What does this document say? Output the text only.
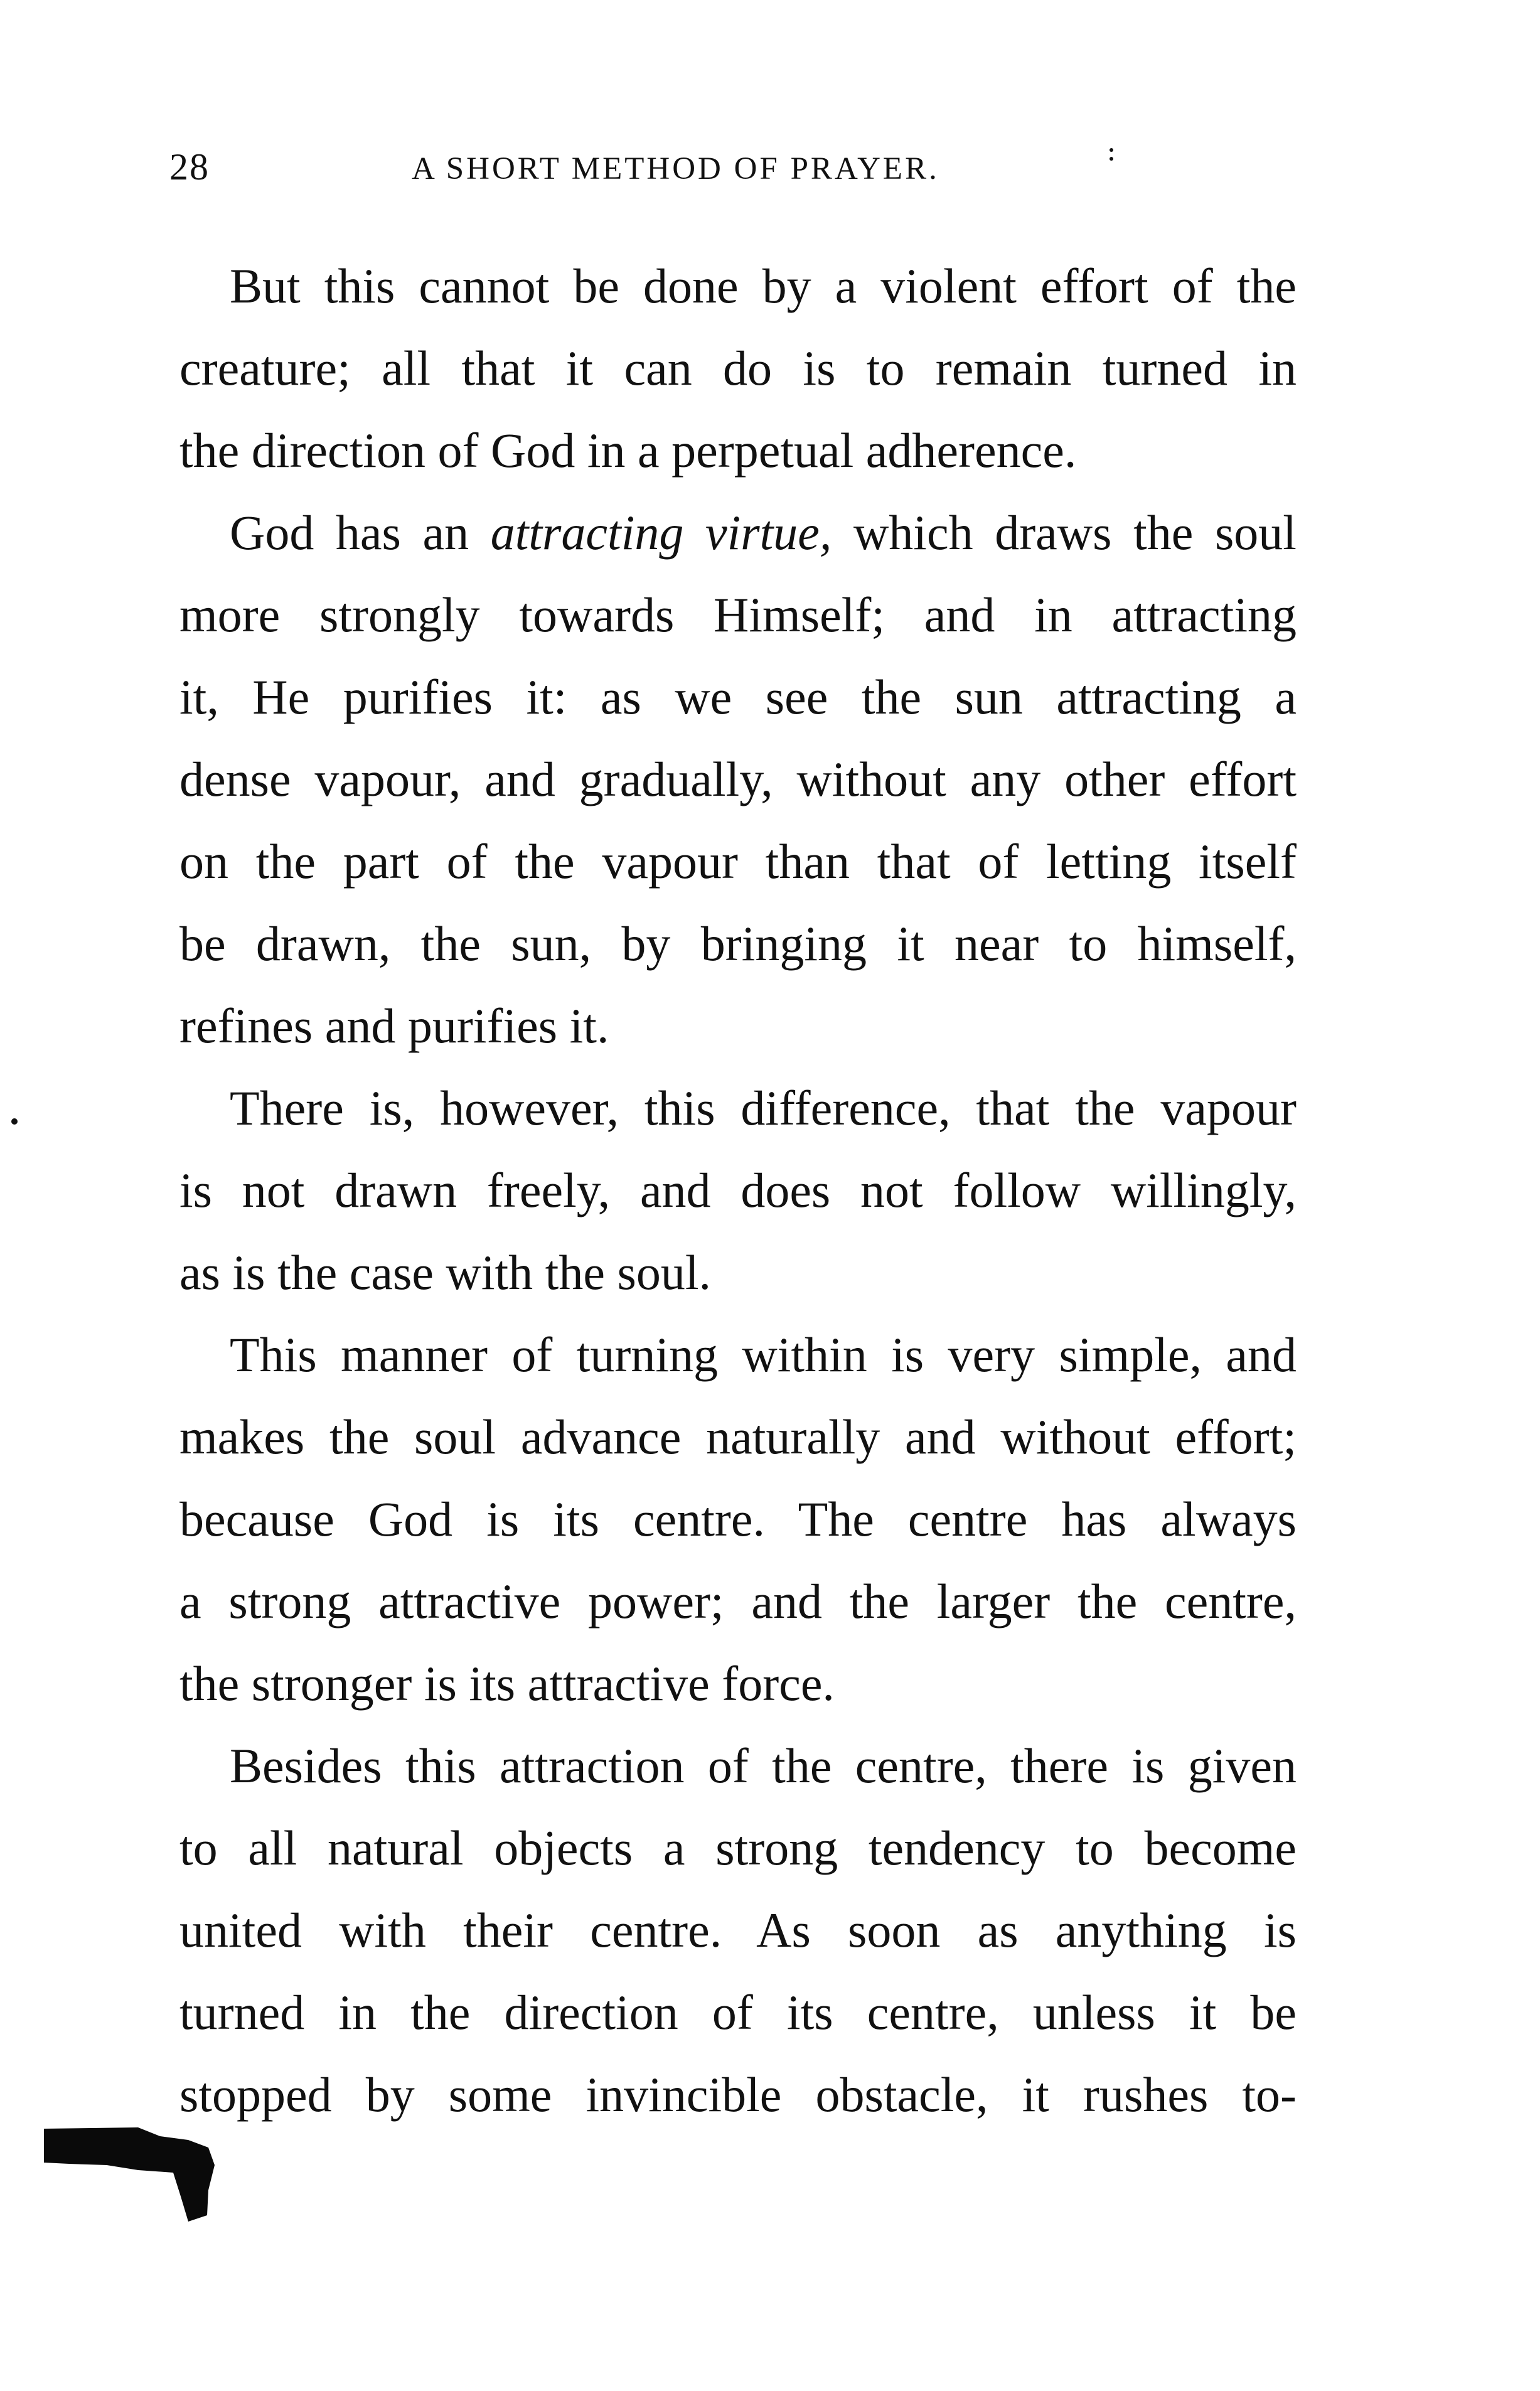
28	A SHORT METHOD OF PRAYER.
But this cannot be done by a violent effort of the
creature; all that it can do is to remain turned in
the direction of God in a perpetual adherence.
God has an attracting virtue, which draws the soul
more strongly towards Himself; and in attracting
it, He purifies it: as we see the sun attracting a
dense vapour, and gradually, without any other effort
on the part of the vapour than that of letting itself
be drawn, the sun, by bringing it near to himself,
refines and purifies it.
There is, however, this difference, that the vapour
is not drawn freely, and does not follow willingly,
as is the case with the soul.
This manner of turning within is very simple, and
makes the soul advance naturally and without effort;
because God is its centre. The centre has always
a strong attractive power; and the larger the centre,
the stronger is its attractive force.
Besides this attraction of the centre, there is given
to all natural objects a strong tendency to become
united with their centre. As soon as anything is
turned in the direction of its centre, unless it be
stopped by some invincible obstacle, it rushes to-
